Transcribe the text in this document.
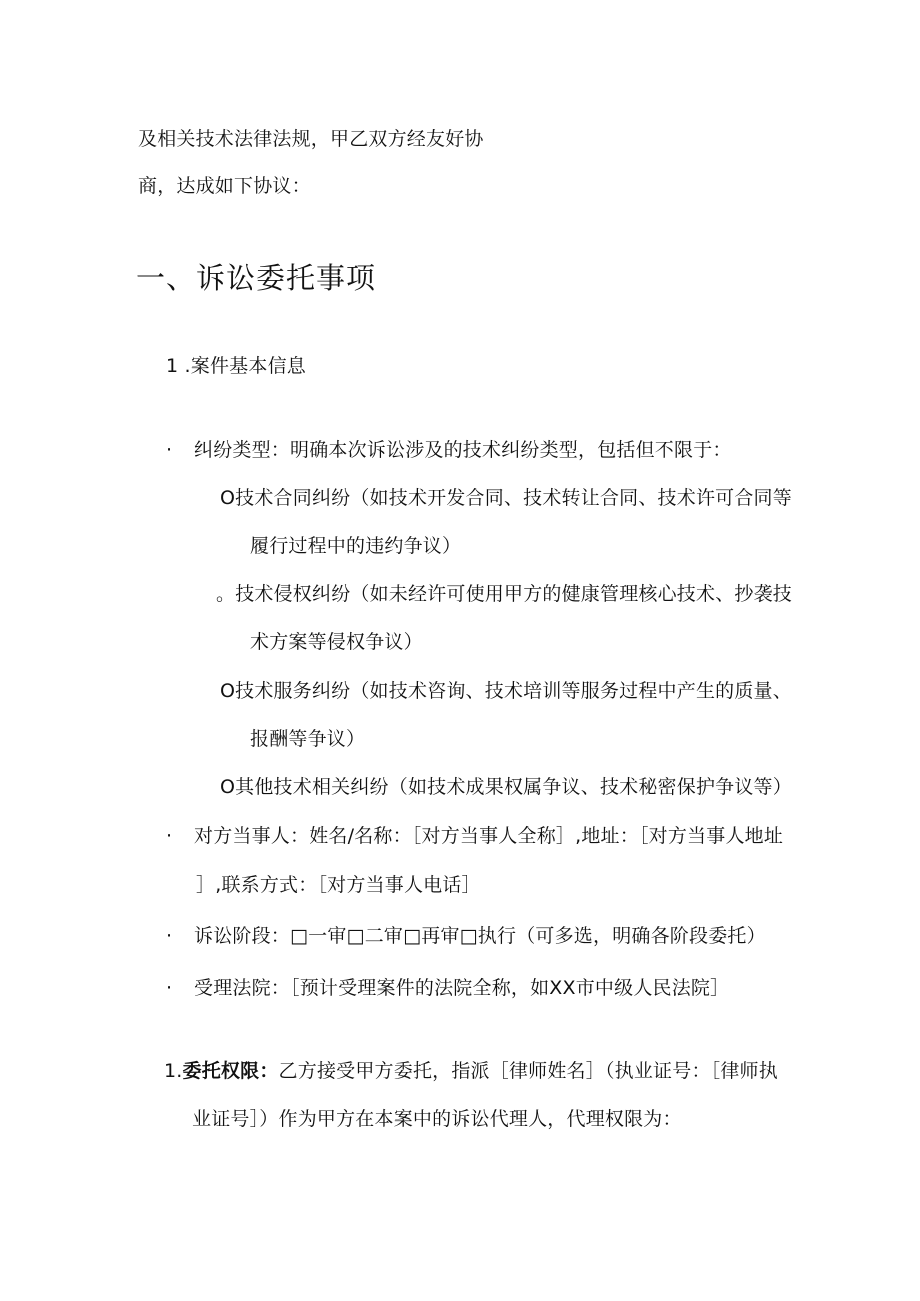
及相关技术法律法规，甲乙双方经友好协
商，达成如下协议：
一、诉讼委托事项
1 .案件基本信息
· 纠纷类型：明确本次诉讼涉及的技术纠纷类型，包括但不限于：
O技术合同纠纷（如技术开发合同、技术转让合同、技术许可合同等
履行过程中的违约争议）
。技术侵权纠纷（如未经许可使用甲方的健康管理核心技术、抄袭技
术方案等侵权争议）
O技术服务纠纷（如技术咨询、技术培训等服务过程中产生的质量、
报酬等争议）
O其他技术相关纠纷（如技术成果权属争议、技术秘密保护争议等）
· 对方当事人：姓名/名称：［对方当事人全称］,地址：［对方当事人地址
］,联系方式：［对方当事人电话］
· 诉讼阶段：□一审□二审□再审□执行（可多选，明确各阶段委托）
· 受理法院：［预计受理案件的法院全称，如XX市中级人民法院］
1.委托权限：乙方接受甲方委托，指派［律师姓名］（执业证号：［律师执
业证号］）作为甲方在本案中的诉讼代理人，代理权限为：
